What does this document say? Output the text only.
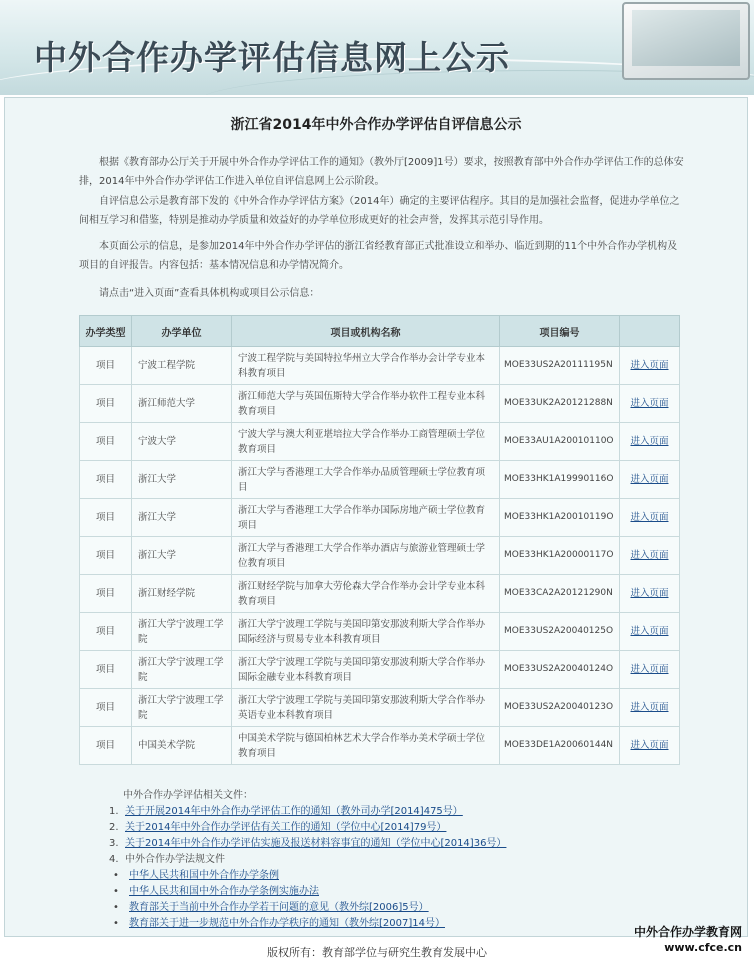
中外合作办学评估信息网上公示
浙江省2014年中外合作办学评估自评信息公示

根据《教育部办公厅关于开展中外合作办学评估工作的通知》（教外厅[2009]1号）要求，按照教育部中外合作办学评估工作的总体安排，2014年中外合作办学评估工作进入单位自评信息网上公示阶段。

自评信息公示是教育部下发的《中外合作办学评估方案》（2014年）确定的主要评估程序。其目的是加强社会监督，促进办学单位之间相互学习和借鉴，特别是推动办学质量和效益好的办学单位形成更好的社会声誉，发挥其示范引导作用。

本页面公示的信息，是参加2014年中外合作办学评估的浙江省经教育部正式批准设立和举办、临近到期的11个中外合作办学机构及项目的自评报告。内容包括：基本情况信息和办学情况简介。

请点击“进入页面”查看具体机构或项目公示信息：

办学类型	办学单位	项目或机构名称	项目编号	
项目	宁波工程学院	宁波工程学院与美国特拉华州立大学合作举办会计学专业本科教育项目	MOE33US2A20111195N	进入页面
项目	浙江师范大学	浙江师范大学与英国伍斯特大学合作举办软件工程专业本科教育项目	MOE33UK2A20121288N	进入页面
项目	宁波大学	宁波大学与澳大利亚堪培拉大学合作举办工商管理硕士学位教育项目	MOE33AU1A20010110O	进入页面
项目	浙江大学	浙江大学与香港理工大学合作举办品质管理硕士学位教育项目	MOE33HK1A19990116O	进入页面
项目	浙江大学	浙江大学与香港理工大学合作举办国际房地产硕士学位教育项目	MOE33HK1A20010119O	进入页面
项目	浙江大学	浙江大学与香港理工大学合作举办酒店与旅游业管理硕士学位教育项目	MOE33HK1A20000117O	进入页面
项目	浙江财经学院	浙江财经学院与加拿大劳伦森大学合作举办会计学专业本科教育项目	MOE33CA2A20121290N	进入页面
项目	浙江大学宁波理工学院	浙江大学宁波理工学院与美国印第安那波利斯大学合作举办国际经济与贸易专业本科教育项目	MOE33US2A20040125O	进入页面
项目	浙江大学宁波理工学院	浙江大学宁波理工学院与美国印第安那波利斯大学合作举办国际金融专业本科教育项目	MOE33US2A20040124O	进入页面
项目	浙江大学宁波理工学院	浙江大学宁波理工学院与美国印第安那波利斯大学合作举办英语专业本科教育项目	MOE33US2A20040123O	进入页面
项目	中国美术学院	中国美术学院与德国柏林艺术大学合作举办美术学硕士学位教育项目	MOE33DE1A20060144N	进入页面

中外合作办学评估相关文件：

1. 关于开展2014年中外合作办学评估工作的通知（教外司办学[2014]475号）
2. 关于2014年中外合作办学评估有关工作的通知（学位中心[2014]79号）
3. 关于2014年中外合作办学评估实施及报送材料容事宜的通知（学位中心[2014]36号）
4. 中外合作办学法规文件
• 中华人民共和国中外合作办学条例
• 中华人民共和国中外合作办学条例实施办法
• 教育部关于当前中外合作办学若干问题的意见（教外综[2006]5号）
• 教育部关于进一步规范中外合作办学秩序的通知（教外综[2007]14号）
中外合作办学教育网
www.cfce.cn

版权所有：教育部学位与研究生教育发展中心
